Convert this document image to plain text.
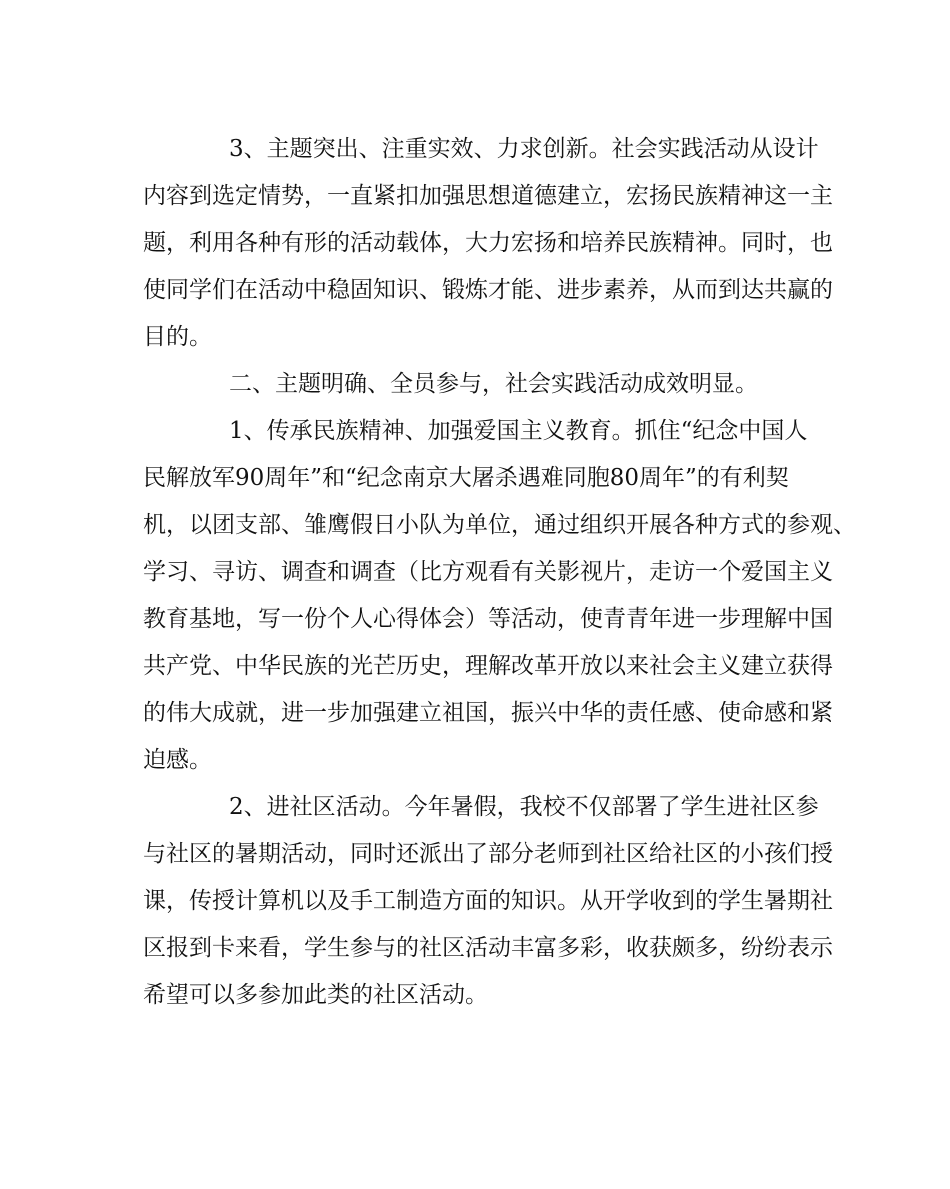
3、主题突出、注重实效、力求创新。社会实践活动从设计
内容到选定情势，一直紧扣加强思想道德建立，宏扬民族精神这一主
题，利用各种有形的活动载体，大力宏扬和培养民族精神。同时，也
使同学们在活动中稳固知识、锻炼才能、进步素养，从而到达共赢的
目的。
二、主题明确、全员参与，社会实践活动成效明显。
1、传承民族精神、加强爱国主义教育。抓住“纪念中国人
民解放军90周年”和“纪念南京大屠杀遇难同胞80周年”的有利契
机，以团支部、雏鹰假日小队为单位，通过组织开展各种方式的参观、
学习、寻访、调查和调查（比方观看有关影视片，走访一个爱国主义
教育基地，写一份个人心得体会）等活动，使青青年进一步理解中国
共产党、中华民族的光芒历史，理解改革开放以来社会主义建立获得
的伟大成就，进一步加强建立祖国，振兴中华的责任感、使命感和紧
迫感。
2、进社区活动。今年暑假，我校不仅部署了学生进社区参
与社区的暑期活动，同时还派出了部分老师到社区给社区的小孩们授
课，传授计算机以及手工制造方面的知识。从开学收到的学生暑期社
区报到卡来看，学生参与的社区活动丰富多彩，收获颇多，纷纷表示
希望可以多参加此类的社区活动。
